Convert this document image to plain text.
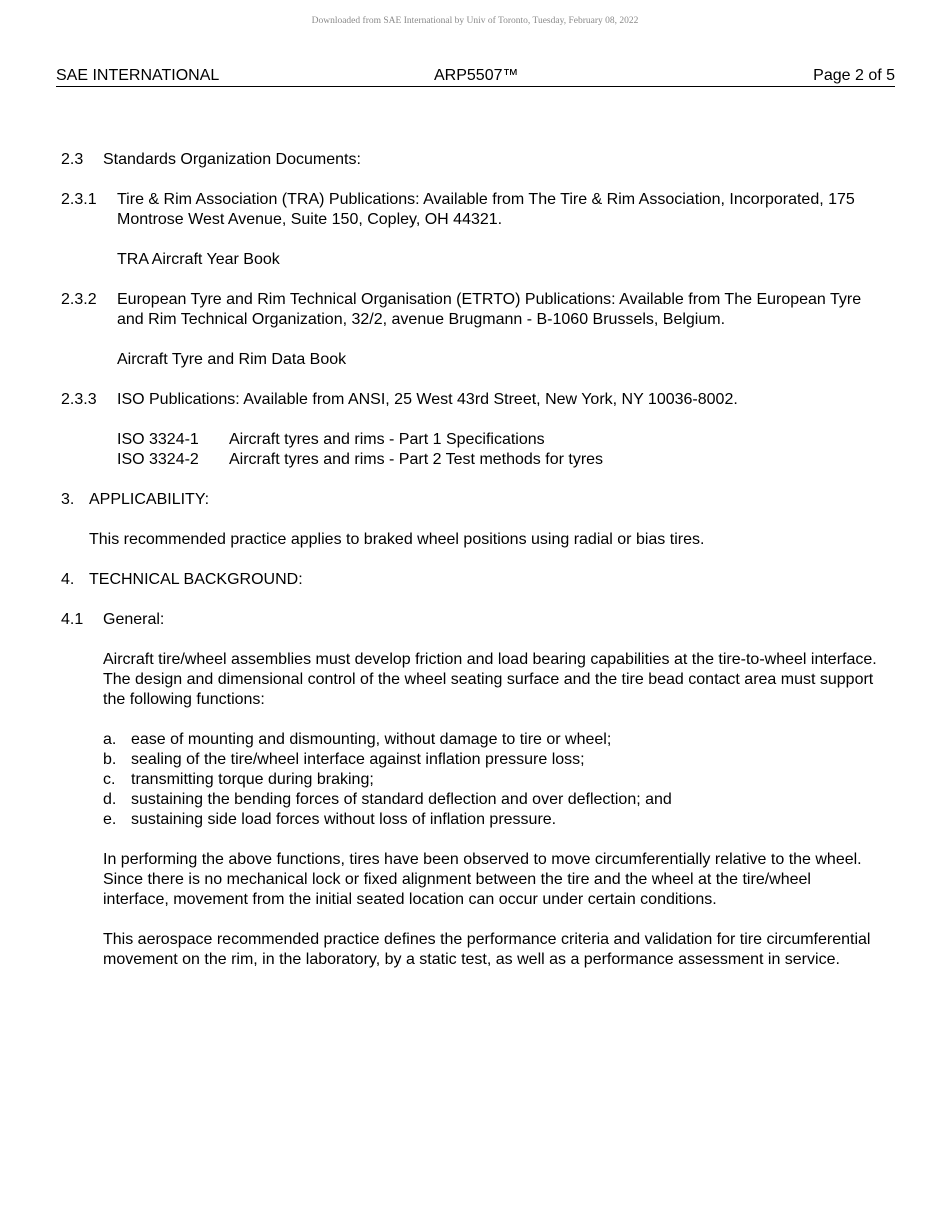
Downloaded from SAE International by Univ of Toronto, Tuesday, February 08, 2022
SAE INTERNATIONAL	ARP5507™	Page 2 of 5
2.3	Standards Organization Documents:

2.3.1	Tire & Rim Association (TRA) Publications: Available from The Tire & Rim Association, Incorporated, 175 Montrose West Avenue, Suite 150, Copley, OH 44321.

TRA Aircraft Year Book

2.3.2	European Tyre and Rim Technical Organisation (ETRTO) Publications: Available from The European Tyre and Rim Technical Organization, 32/2, avenue Brugmann - B-1060 Brussels, Belgium.

Aircraft Tyre and Rim Data Book

2.3.3	ISO Publications: Available from ANSI, 25 West 43rd Street, New York, NY 10036-8002.

ISO 3324-1 Aircraft tyres and rims - Part 1 Specifications
ISO 3324-2 Aircraft tyres and rims - Part 2 Test methods for tyres
3. APPLICABILITY:

This recommended practice applies to braked wheel positions using radial or bias tires.

4. TECHNICAL BACKGROUND:

4.1	General:

Aircraft tire/wheel assemblies must develop friction and load bearing capabilities at the tire-to-wheel interface. The design and dimensional control of the wheel seating surface and the tire bead contact area must support the following functions:

a. ease of mounting and dismounting, without damage to tire or wheel;
b. sealing of the tire/wheel interface against inflation pressure loss;
c. transmitting torque during braking;
d. sustaining the bending forces of standard deflection and over deflection; and
e. sustaining side load forces without loss of inflation pressure.

In performing the above functions, tires have been observed to move circumferentially relative to the wheel. Since there is no mechanical lock or fixed alignment between the tire and the wheel at the tire/wheel interface, movement from the initial seated location can occur under certain conditions.

This aerospace recommended practice defines the performance criteria and validation for tire circumferential movement on the rim, in the laboratory, by a static test, as well as a performance assessment in service.
